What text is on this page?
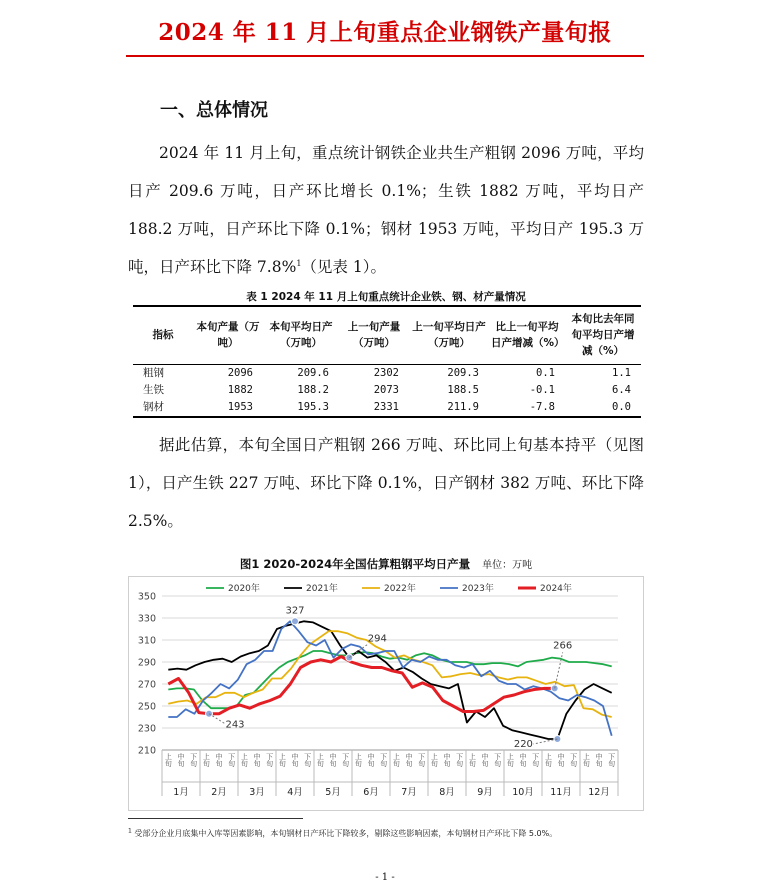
2024 年 11 月上旬重点企业钢铁产量旬报
一、总体情况
2024 年 11 月上旬，重点统计钢铁企业共生产粗钢 2096 万吨，平均日产 209.6 万吨，日产环比增长 0.1%；生铁 1882 万吨，平均日产 188.2 万吨，日产环比下降 0.1%；钢材 1953 万吨，平均日产 195.3 万吨，日产环比下降 7.8%$^1$（见表 1）。
表 1 2024 年 11 月上旬重点统计企业铁、钢、材产量情况
指标	本旬产量（万吨）	本旬平均日产（万吨）	上一旬产量（万吨）	上一旬平均日产（万吨）	比上一旬平均日产增减（%）	本旬比去年同旬平均日产增减（%）
粗钢	2096	209.6	2302	209.3	0.1	1.1
生铁	1882	188.2	2073	188.5	-0.1	6.4
钢材	1953	195.3	2331	211.9	-7.8	0.0
据此估算，本旬全国日产粗钢 266 万吨、环比同上旬基本持平（见图 1），日产生铁 227 万吨、环比下降 0.1%，日产钢材 382 万吨、环比下降 2.5%。
图1 2020-2024年全国估算粗钢平均日产量 单位：万吨
210
230
250
270
290
310
330
350
上旬 中旬 下旬 上旬 中旬 下旬 上旬 中旬 下旬 上旬 中旬 下旬 上旬 中旬 下旬 上旬 中旬 下旬 上旬 中旬 下旬 上旬 中旬 下旬 上旬 中旬 下旬 上旬 中旬 下旬 上旬 中旬 下旬 上旬 中旬 下旬
1月 2月 3月 4月 5月 6月 7月 8月 9月 10月 11月 12月
2020年	2021年	2022年	2023年	2024年
327
294
243
266
220
$^1$ 受部分企业月底集中入库等因素影响，本旬钢材日产环比下降较多，剔除这些影响因素，本旬钢材日产环比下降 5.0%。
- 1 -
